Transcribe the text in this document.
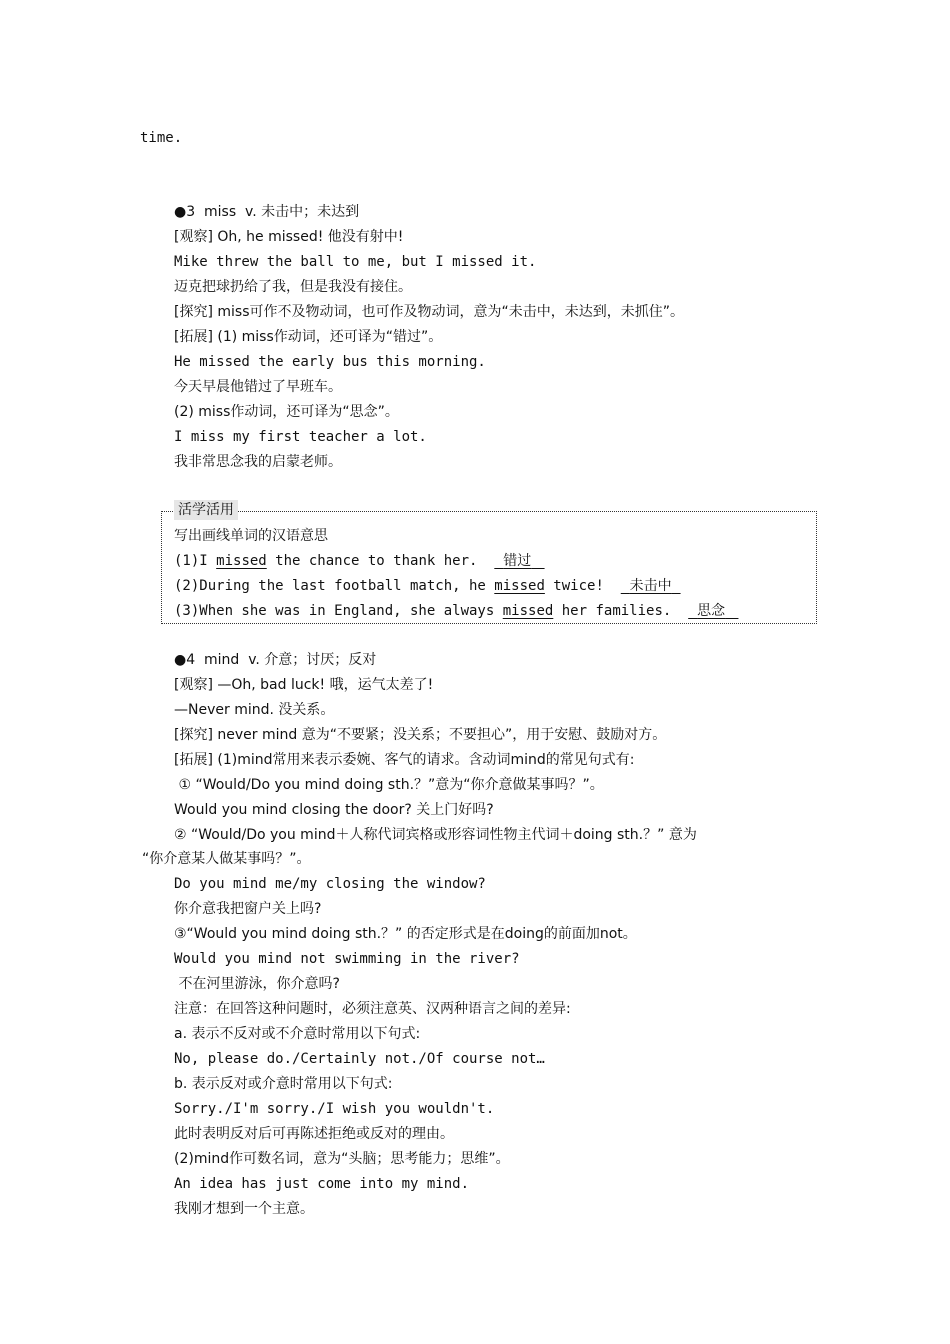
time.
●3  miss  v. 未击中；未达到
[观察] Oh, he missed! 他没有射中!
Mike threw the ball to me, but I missed it.
迈克把球扔给了我，但是我没有接住。
[探究] miss可作不及物动词，也可作及物动词，意为“未击中，未达到，未抓住”。
[拓展] (1) miss作动词，还可译为“错过”。
He missed the early bus this morning.
今天早晨他错过了早班车。
(2) miss作动词，还可译为“思念”。
I miss my first teacher a lot.
我非常思念我的启蒙老师。
活学活用
写出画线单词的汉语意思
(1)I missed the chance to thank her. 错过
(2)During the last football match, he missed twice! 未击中
(3)When she was in England, she always missed her families. 思念
●4  mind  v. 介意；讨厌；反对
[观察] —Oh, bad luck! 哦，运气太差了!
—Never mind. 没关系。
[探究] never mind 意为“不要紧；没关系；不要担心”，用于安慰、鼓励对方。
[拓展] (1)mind常用来表示委婉、客气的请求。含动词mind的常见句式有:
① “Would/Do you mind doing sth.？”意为“你介意做某事吗？”。
Would you mind closing the door? 关上门好吗?
② “Would/Do you mind＋人称代词宾格或形容词性物主代词＋doing sth.？” 意为
“你介意某人做某事吗？”。
Do you mind me/my closing the window?
你介意我把窗户关上吗?
③“Would you mind doing sth.？” 的否定形式是在doing的前面加not。
Would you mind not swimming in the river?
不在河里游泳，你介意吗?
注意：在回答这种问题时，必须注意英、汉两种语言之间的差异:
a. 表示不反对或不介意时常用以下句式:
No, please do./Certainly not./Of course not…
b. 表示反对或介意时常用以下句式:
Sorry./I'm sorry./I wish you wouldn't.
此时表明反对后可再陈述拒绝或反对的理由。
(2)mind作可数名词，意为“头脑；思考能力；思维”。
An idea has just come into my mind.
我刚才想到一个主意。
